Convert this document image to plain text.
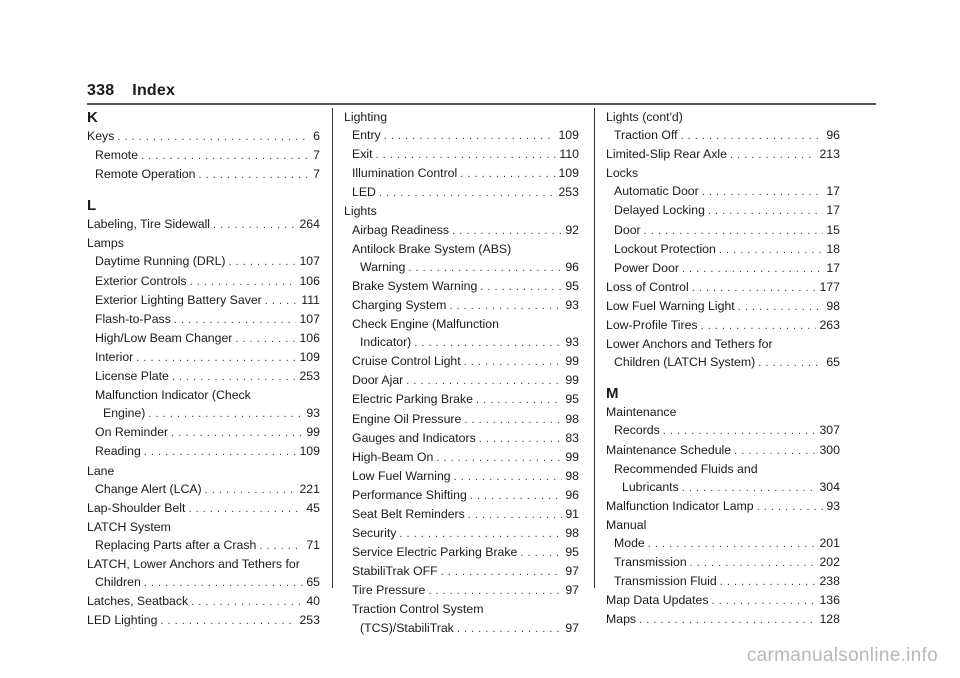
338 Index
K
Keys . . .	6
Remote . . .	7
Remote Operation . . .	7
L
Labeling, Tire Sidewall . . .	264
Lamps
Daytime Running (DRL) . . .	107
Exterior Controls . . .	106
Exterior Lighting Battery Saver . . .	111
Flash-to-Pass . . .	107
High/Low Beam Changer . . .	106
Interior . . .	109
License Plate . . .	253
Malfunction Indicator (Check
Engine) . . .	93
On Reminder . . .	99
Reading . . .	109
Lane
Change Alert (LCA) . . .	221
Lap-Shoulder Belt . . .	45
LATCH System
Replacing Parts after a Crash . . .	71
LATCH, Lower Anchors and Tethers for
Children . . .	65
Latches, Seatback . . .	40
LED Lighting . . .	253
Lighting
Entry . . .	109
Exit . . .	110
Illumination Control . . .	109
LED . . .	253
Lights
Airbag Readiness . . .	92
Antilock Brake System (ABS)
Warning . . .	96
Brake System Warning . . .	95
Charging System . . .	93
Check Engine (Malfunction
Indicator) . . .	93
Cruise Control Light . . .	99
Door Ajar . . .	99
Electric Parking Brake . . .	95
Engine Oil Pressure . . .	98
Gauges and Indicators . . .	83
High-Beam On . . .	99
Low Fuel Warning . . .	98
Performance Shifting . . .	96
Seat Belt Reminders . . .	91
Security . . .	98
Service Electric Parking Brake . . .	95
StabiliTrak OFF . . .	97
Tire Pressure . . .	97
Traction Control System
(TCS)/StabiliTrak . . .	97
Lights (cont'd)
Traction Off . . .	96
Limited-Slip Rear Axle . . .	213
Locks
Automatic Door . . .	17
Delayed Locking . . .	17
Door . . .	15
Lockout Protection . . .	18
Power Door . . .	17
Loss of Control . . .	177
Low Fuel Warning Light . . .	98
Low-Profile Tires . . .	263
Lower Anchors and Tethers for
Children (LATCH System) . . .	65
M
Maintenance
Records . . .	307
Maintenance Schedule . . .	300
Recommended Fluids and
Lubricants . . .	304
Malfunction Indicator Lamp . . .	93
Manual
Mode . . .	201
Transmission . . .	202
Transmission Fluid . . .	238
Map Data Updates . . .	136
Maps . . .	128
carmanualsonline.info
